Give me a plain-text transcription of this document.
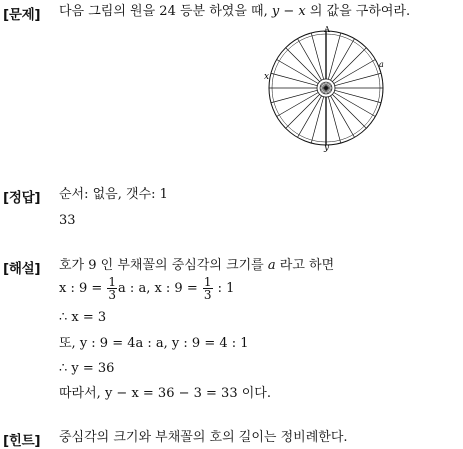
[문제] 다음 그림의 원을 24 등분 하였을 때, y − x 의 값을 구하여라.
A
x
y
a
[정답] 순서: 없음, 갯수: 1
33
[해설] 호가 9 인 부채꼴의 중심각의 크기를 a 라고 하면
x : $9 = \frac{1}{3}$ a : a, x : $9 = \frac{1}{3}$ : 1
∴ x = 3
또, y : 9 = 4a : a, y : 9 = 4 : 1
∴ y = 36
따라서, y − x = 36 − 3 = 33 이다.
[힌트] 중심각의 크기와 부채꼴의 호의 길이는 정비례한다.
